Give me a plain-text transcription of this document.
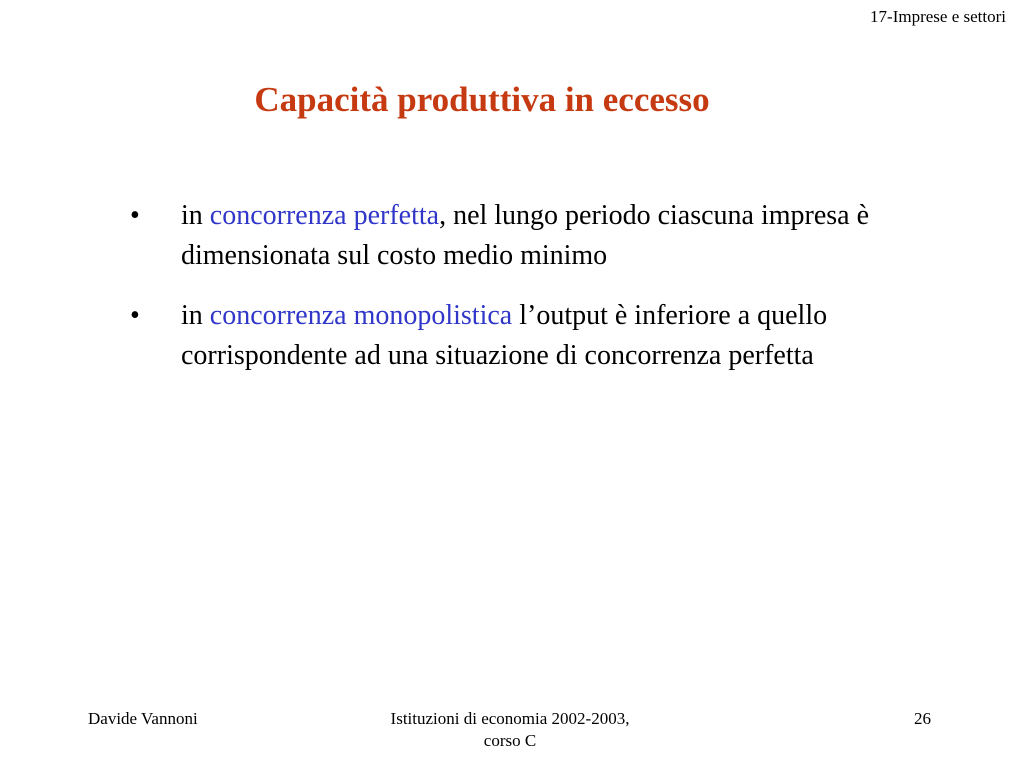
17-Imprese e settori
Capacità produttiva in eccesso
•	in concorrenza perfetta, nel lungo periodo ciascuna impresa è dimensionata sul costo medio minimo
•	in concorrenza monopolistica l’output è inferiore a quello corrispondente ad una situazione di concorrenza perfetta
Davide Vannoni	Istituzioni di economia 2002-2003,
corso C
26
